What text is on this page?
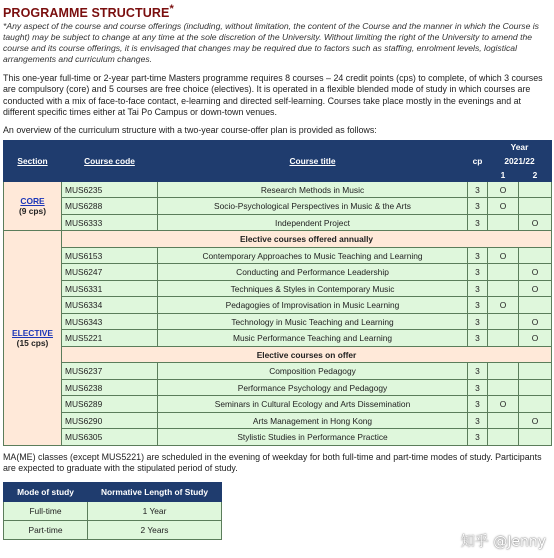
PROGRAMME STRUCTURE*
*Any aspect of the course and course offerings (including, without limitation, the content of the Course and the manner in which the Course is taught) may be subject to change at any time at the sole discretion of the University. Without limiting the right of the University to amend the course and its course offerings, it is envisaged that changes may be required due to factors such as staffing, enrolment levels, logistical arrangements and curriculum changes.
This one-year full-time or 2-year part-time Masters programme requires 8 courses – 24 credit points (cps) to complete, of which 3 courses are compulsory (core) and 5 courses are free choice (electives). It is operated in a flexible blended mode of study in which courses are conducted with a mix of face-to-face contact, e-learning and directed self-learning. Courses take place mostly in the evenings and at different specific times either at Tai Po Campus or down-town venues.
An overview of the curriculum structure with a two-year course-offer plan is provided as follows:
Section	Course code	Course title	cp	Year	
				2021/22	
				1	2
CORE
(9 cps)	MUS6235	Research Methods in Music	3	O	
	MUS6288	Socio-Psychological Perspectives in Music & the Arts	3	O	
	MUS6333	Independent Project	3		O
ELECTIVE
(15 cps)	Elective courses offered annually				
	MUS6153	Contemporary Approaches to Music Teaching and Learning	3	O	
	MUS6247	Conducting and Performance Leadership	3		O
	MUS6331	Techniques & Styles in Contemporary Music	3		O
	MUS6334	Pedagogies of Improvisation in Music Learning	3	O	
	MUS6343	Technology in Music Teaching and Learning	3		O
	MUS5221	Music Performance Teaching and Learning	3		O
	Elective courses on offer				
	MUS6237	Composition Pedagogy	3		
	MUS6238	Performance Psychology and Pedagogy	3		
	MUS6289	Seminars in Cultural Ecology and Arts Dissemination	3	O	
	MUS6290	Arts Management in Hong Kong	3		O
	MUS6305	Stylistic Studies in Performance Practice	3		
MA(ME) classes (except MUS5221) are scheduled in the evening of weekday for both full-time and part-time modes of study. Participants are expected to graduate with the stipulated period of study.
Mode of study	Normative Length of Study
Full-time	1 Year
Part-time	2 Years
知乎 @Jenny
